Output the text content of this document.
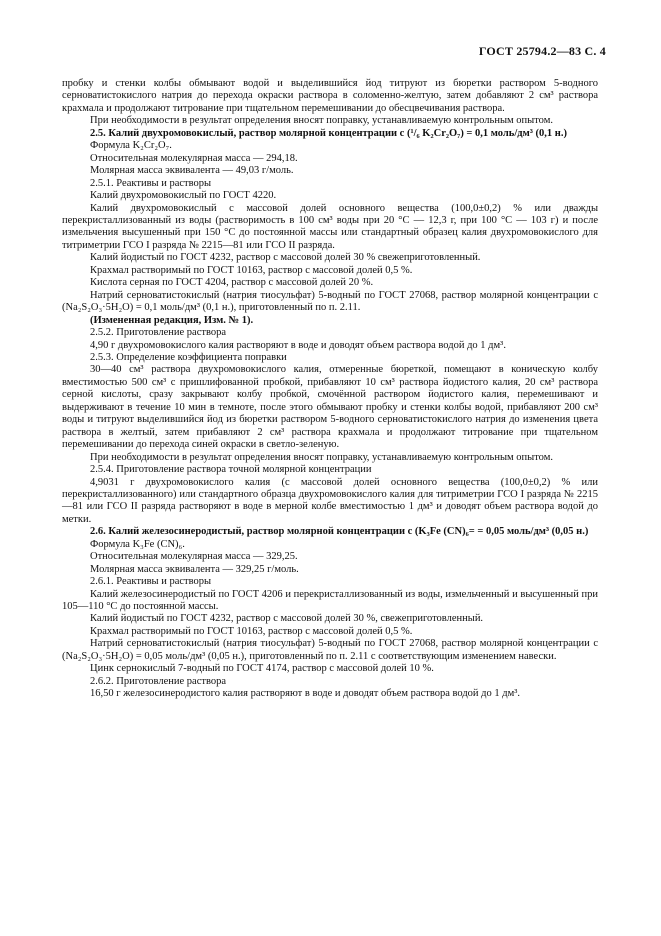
ГОСТ 25794.2—83 С. 4

пробку и стенки колбы обмывают водой и выделившийся йод титруют из бюретки раствором 5-водного серноватистокислого натрия до перехода окраски раствора в соломенно-желтую, затем добавляют 2 см³ раствора крахмала и продолжают титрование при тщательном перемешивании до обесцвечивания раствора.

При необходимости в результат определения вносят поправку, устанавливаемую контрольным опытом.

2.5. Калий двухромовокислый, раствор молярной концентрации c (¹/₆ K₂Cr₂O₇) = 0,1 моль/дм³ (0,1 н.)

Формула K₂Cr₂O₇.

Относительная молекулярная масса — 294,18.

Молярная масса эквивалента — 49,03 г/моль.

2.5.1. Реактивы и растворы

Калий двухромовокислый по ГОСТ 4220.

Калий двухромовокислый с массовой долей основного вещества (100,0±0,2) % или дважды перекристаллизованный из воды (растворимость в 100 см³ воды при 20 °С — 12,3 г, при 100 °С — 103 г) и после измельчения высушенный при 150 °С до постоянной массы или стандартный образец калия двухромовокислого для титриметрии ГСО I разряда № 2215—81 или ГСО II разряда.

Калий йодистый по ГОСТ 4232, раствор с массовой долей 30 % свежеприготовленный.

Крахмал растворимый по ГОСТ 10163, раствор с массовой долей 0,5 %.

Кислота серная по ГОСТ 4204, раствор с массовой долей 20 %.

Натрий серноватистокислый (натрия тиосульфат) 5-водный по ГОСТ 27068, раствор молярной концентрации c (Na₂S₂O₃·5H₂O) = 0,1 моль/дм³ (0,1 н.), приготовленный по п. 2.11.

(Измененная редакция, Изм. № 1).

2.5.2. Приготовление раствора

4,90 г двухромовокислого калия растворяют в воде и доводят объем раствора водой до 1 дм³.

2.5.3. Определение коэффициента поправки

30—40 см³ раствора двухромовокислого калия, отмеренные бюреткой, помещают в коническую колбу вместимостью 500 см³ с пришлифованной пробкой, прибавляют 10 см³ раствора йодистого калия, 20 см³ раствора серной кислоты, сразу закрывают колбу пробкой, смочённой раствором йодистого калия, перемешивают и выдерживают в течение 10 мин в темноте, после этого обмывают пробку и стенки колбы водой, прибавляют 200 см³ воды и титруют выделившийся йод из бюретки раствором 5-водного серноватистокислого натрия до изменения цвета раствора в желтый, затем прибавляют 2 см³ раствора крахмала и продолжают титрование при тщательном перемешивании до перехода синей окраски в светло-зеленую.

При необходимости в результат определения вносят поправку, устанавливаемую контрольным опытом.

2.5.4. Приготовление раствора точной молярной концентрации

4,9031 г двухромовокислого калия (с массовой долей основного вещества (100,0±0,2) % или перекристаллизованного) или стандартного образца двухромовокислого калия для титриметрии ГСО I разряда № 2215—81 или ГСО II разряда растворяют в воде в мерной колбе вместимостью 1 дм³ и доводят объем раствора водой до метки.

2.6. Калий железосинеродистый, раствор молярной концентрации c (K₃Fe (CN)₆= = 0,05 моль/дм³ (0,05 н.)

Формула K₃Fe (CN)₆.

Относительная молекулярная масса — 329,25.

Молярная масса эквивалента — 329,25 г/моль.

2.6.1. Реактивы и растворы

Калий железосинеродистый по ГОСТ 4206 и перекристаллизованный из воды, измельченный и высушенный при 105—110 °С до постоянной массы.

Калий йодистый по ГОСТ 4232, раствор с массовой долей 30 %, свежеприготовленный.

Крахмал растворимый по ГОСТ 10163, раствор с массовой долей 0,5 %.

Натрий серноватистокислый (натрия тиосульфат) 5-водный по ГОСТ 27068, раствор молярной концентрации c (Na₂S₂O₃·5H₂O) = 0,05 моль/дм³ (0,05 н.), приготовленный по п. 2.11 с соответствующим изменением навески.

Цинк сернокислый 7-водный по ГОСТ 4174, раствор с массовой долей 10 %.

2.6.2. Приготовление раствора

16,50 г железосинеродистого калия растворяют в воде и доводят объем раствора водой до 1 дм³.
